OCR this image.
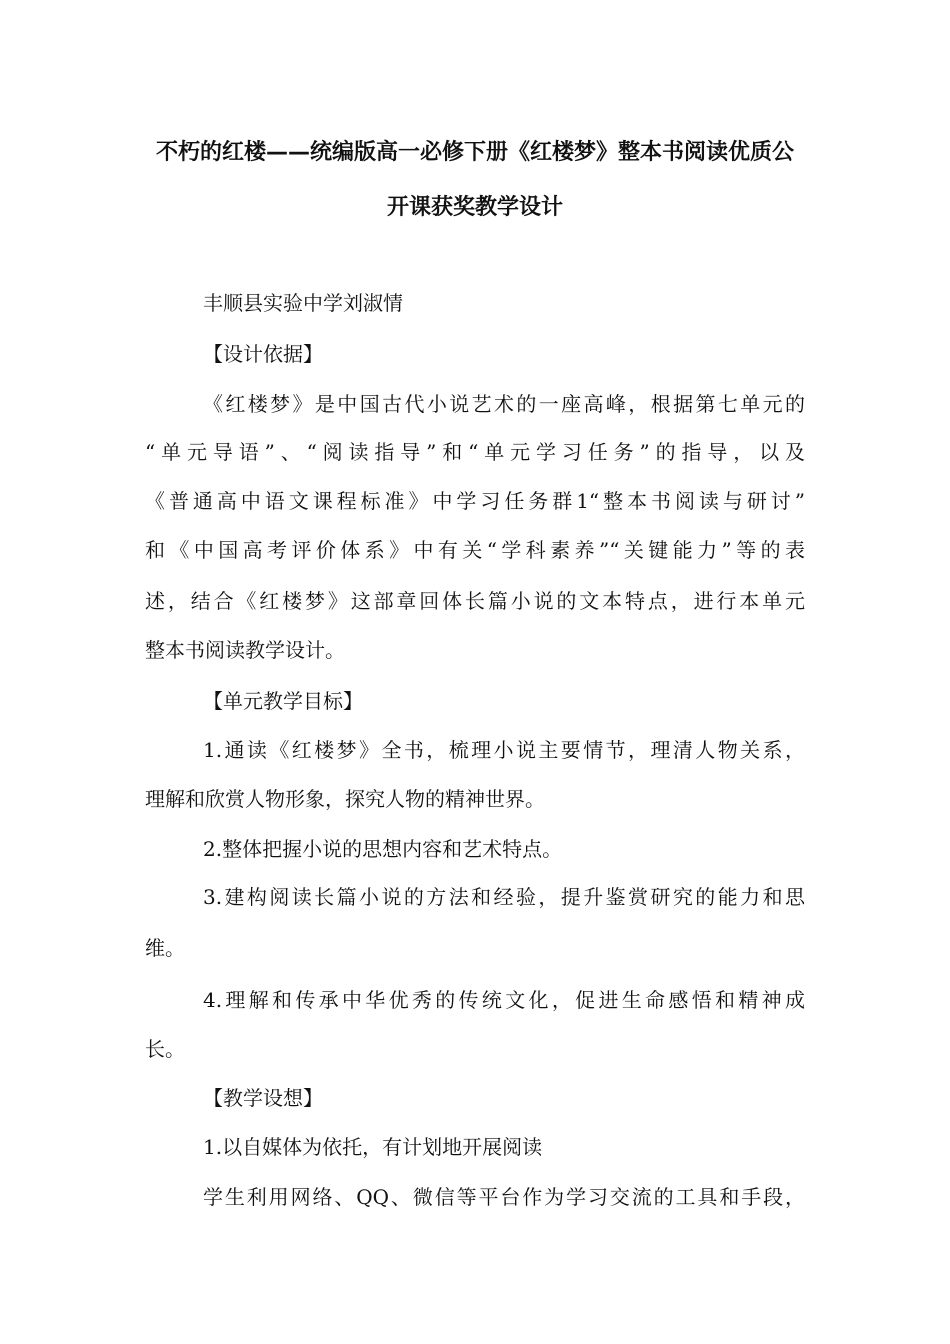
不朽的红楼——统编版高一必修下册《红楼梦》整本书阅读优质公
开课获奖教学设计
丰顺县实验中学刘淑情
【设计依据】
《红楼梦》是中国古代小说艺术的一座高峰，根据第七单元的
“单元导语”、“阅读指导”和“单元学习任务”的指导，以及
《普通高中语文课程标准》中学习任务群1“整本书阅读与研讨”
和《中国高考评价体系》中有关“学科素养”“关键能力”等的表
述，结合《红楼梦》这部章回体长篇小说的文本特点，进行本单元
整本书阅读教学设计。
【单元教学目标】
1.通读《红楼梦》全书，梳理小说主要情节，理清人物关系，
理解和欣赏人物形象，探究人物的精神世界。
2.整体把握小说的思想内容和艺术特点。
3.建构阅读长篇小说的方法和经验，提升鉴赏研究的能力和思
维。
4.理解和传承中华优秀的传统文化，促进生命感悟和精神成
长。
【教学设想】
1.以自媒体为依托，有计划地开展阅读
学生利用网络、QQ、微信等平台作为学习交流的工具和手段，
